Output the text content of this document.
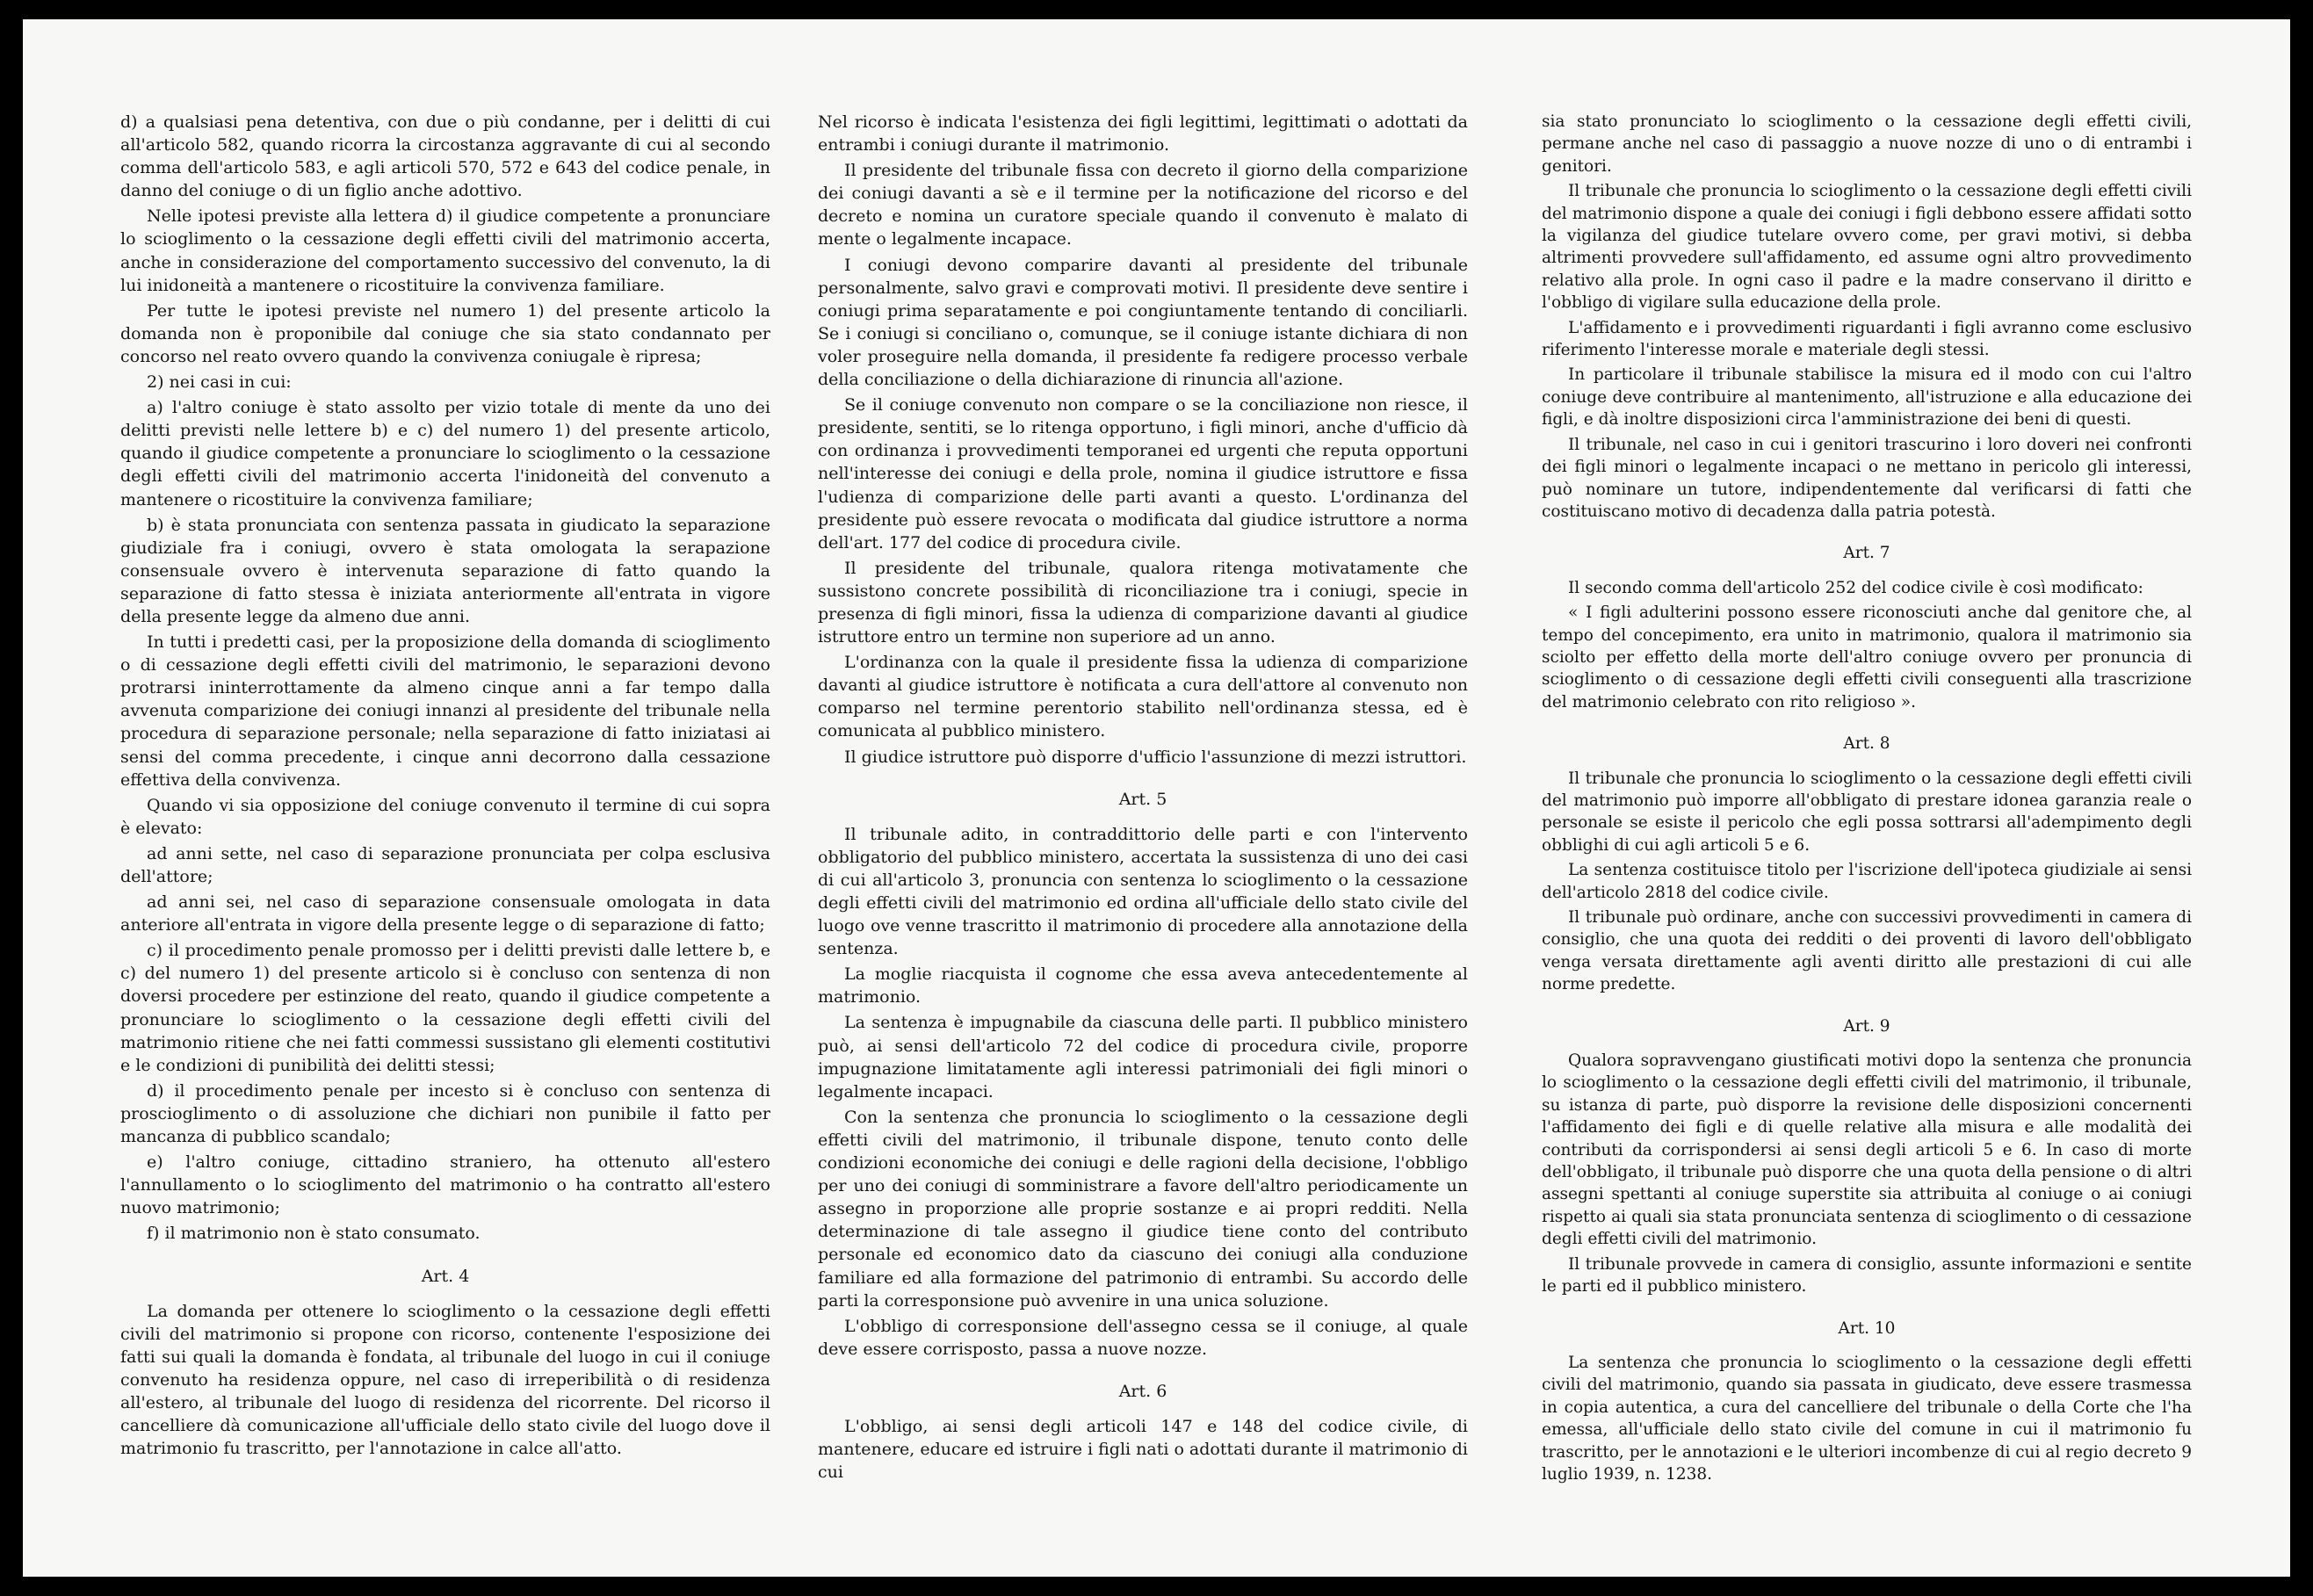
d) a qualsiasi pena detentiva, con due o più condanne, per i delitti di cui all'articolo 582, quando ricorra la circostanza aggravante di cui al secondo comma dell'articolo 583, e agli articoli 570, 572 e 643 del codice penale, in danno del coniuge o di un figlio anche adottivo.

Nelle ipotesi previste alla lettera d) il giudice competente a pronunciare lo scioglimento o la cessazione degli effetti civili del matrimonio accerta, anche in considerazione del comportamento successivo del convenuto, la di lui inidoneità a mantenere o ricostituire la convivenza familiare.

Per tutte le ipotesi previste nel numero 1) del presente articolo la domanda non è proponibile dal coniuge che sia stato condannato per concorso nel reato ovvero quando la convivenza coniugale è ripresa;

2) nei casi in cui:

a) l'altro coniuge è stato assolto per vizio totale di mente da uno dei delitti previsti nelle lettere b) e c) del numero 1) del presente articolo, quando il giudice competente a pronunciare lo scioglimento o la cessazione degli effetti civili del matrimonio accerta l'inidoneità del convenuto a mantenere o ricostituire la convivenza familiare;

b) è stata pronunciata con sentenza passata in giudicato la separazione giudiziale fra i coniugi, ovvero è stata omologata la serapazione consensuale ovvero è intervenuta separazione di fatto quando la separazione di fatto stessa è iniziata anteriormente all'entrata in vigore della presente legge da almeno due anni.

In tutti i predetti casi, per la proposizione della domanda di scioglimento o di cessazione degli effetti civili del matrimonio, le separazioni devono protrarsi ininterrottamente da almeno cinque anni a far tempo dalla avvenuta comparizione dei coniugi innanzi al presidente del tribunale nella procedura di separazione personale; nella separazione di fatto iniziatasi ai sensi del comma precedente, i cinque anni decorrono dalla cessazione effettiva della convivenza.

Quando vi sia opposizione del coniuge convenuto il termine di cui sopra è elevato:

ad anni sette, nel caso di separazione pronunciata per colpa esclusiva dell'attore;

ad anni sei, nel caso di separazione consensuale omologata in data anteriore all'entrata in vigore della presente legge o di separazione di fatto;

c) il procedimento penale promosso per i delitti previsti dalle lettere b, e c) del numero 1) del presente articolo si è concluso con sentenza di non doversi procedere per estinzione del reato, quando il giudice competente a pronunciare lo scioglimento o la cessazione degli effetti civili del matrimonio ritiene che nei fatti commessi sussistano gli elementi costitutivi e le condizioni di punibilità dei delitti stessi;

d) il procedimento penale per incesto si è concluso con sentenza di proscioglimento o di assoluzione che dichiari non punibile il fatto per mancanza di pubblico scandalo;

e) l'altro coniuge, cittadino straniero, ha ottenuto all'estero l'annullamento o lo scioglimento del matrimonio o ha contratto all'estero nuovo matrimonio;

f) il matrimonio non è stato consumato.

Art. 4

La domanda per ottenere lo scioglimento o la cessazione degli effetti civili del matrimonio si propone con ricorso, contenente l'esposizione dei fatti sui quali la domanda è fondata, al tribunale del luogo in cui il coniuge convenuto ha residenza oppure, nel caso di irreperibilità o di residenza all'estero, al tribunale del luogo di residenza del ricorrente. Del ricorso il cancelliere dà comunicazione all'ufficiale dello stato civile del luogo dove il matrimonio fu trascritto, per l'annotazione in calce all'atto.

Nel ricorso è indicata l'esistenza dei figli legittimi, legittimati o adottati da entrambi i coniugi durante il matrimonio.

Il presidente del tribunale fissa con decreto il giorno della comparizione dei coniugi davanti a sè e il termine per la notificazione del ricorso e del decreto e nomina un curatore speciale quando il convenuto è malato di mente o legalmente incapace.

I coniugi devono comparire davanti al presidente del tribunale personalmente, salvo gravi e comprovati motivi. Il presidente deve sentire i coniugi prima separatamente e poi congiuntamente tentando di conciliarli. Se i coniugi si conciliano o, comunque, se il coniuge istante dichiara di non voler proseguire nella domanda, il presidente fa redigere processo verbale della conciliazione o della dichiarazione di rinuncia all'azione.

Se il coniuge convenuto non compare o se la conciliazione non riesce, il presidente, sentiti, se lo ritenga opportuno, i figli minori, anche d'ufficio dà con ordinanza i provvedimenti temporanei ed urgenti che reputa opportuni nell'interesse dei coniugi e della prole, nomina il giudice istruttore e fissa l'udienza di comparizione delle parti avanti a questo. L'ordinanza del presidente può essere revocata o modificata dal giudice istruttore a norma dell'art. 177 del codice di procedura civile.

Il presidente del tribunale, qualora ritenga motivatamente che sussistono concrete possibilità di riconciliazione tra i coniugi, specie in presenza di figli minori, fissa la udienza di comparizione davanti al giudice istruttore entro un termine non superiore ad un anno.

L'ordinanza con la quale il presidente fissa la udienza di comparizione davanti al giudice istruttore è notificata a cura dell'attore al convenuto non comparso nel termine perentorio stabilito nell'ordinanza stessa, ed è comunicata al pubblico ministero.

Il giudice istruttore può disporre d'ufficio l'assunzione di mezzi istruttori.

Art. 5

Il tribunale adito, in contraddittorio delle parti e con l'intervento obbligatorio del pubblico ministero, accertata la sussistenza di uno dei casi di cui all'articolo 3, pronuncia con sentenza lo scioglimento o la cessazione degli effetti civili del matrimonio ed ordina all'ufficiale dello stato civile del luogo ove venne trascritto il matrimonio di procedere alla annotazione della sentenza.

La moglie riacquista il cognome che essa aveva antecedentemente al matrimonio.

La sentenza è impugnabile da ciascuna delle parti. Il pubblico ministero può, ai sensi dell'articolo 72 del codice di procedura civile, proporre impugnazione limitatamente agli interessi patrimoniali dei figli minori o legalmente incapaci.

Con la sentenza che pronuncia lo scioglimento o la cessazione degli effetti civili del matrimonio, il tribunale dispone, tenuto conto delle condizioni economiche dei coniugi e delle ragioni della decisione, l'obbligo per uno dei coniugi di somministrare a favore dell'altro periodicamente un assegno in proporzione alle proprie sostanze e ai propri redditi. Nella determinazione di tale assegno il giudice tiene conto del contributo personale ed economico dato da ciascuno dei coniugi alla conduzione familiare ed alla formazione del patrimonio di entrambi. Su accordo delle parti la corresponsione può avvenire in una unica soluzione.

L'obbligo di corresponsione dell'assegno cessa se il coniuge, al quale deve essere corrisposto, passa a nuove nozze.

Art. 6

L'obbligo, ai sensi degli articoli 147 e 148 del codice civile, di mantenere, educare ed istruire i figli nati o adottati durante il matrimonio di cui

sia stato pronunciato lo scioglimento o la cessazione degli effetti civili, permane anche nel caso di passaggio a nuove nozze di uno o di entrambi i genitori.

Il tribunale che pronuncia lo scioglimento o la cessazione degli effetti civili del matrimonio dispone a quale dei coniugi i figli debbono essere affidati sotto la vigilanza del giudice tutelare ovvero come, per gravi motivi, si debba altrimenti provvedere sull'affidamento, ed assume ogni altro provvedimento relativo alla prole. In ogni caso il padre e la madre conservano il diritto e l'obbligo di vigilare sulla educazione della prole.

L'affidamento e i provvedimenti riguardanti i figli avranno come esclusivo riferimento l'interesse morale e materiale degli stessi.

In particolare il tribunale stabilisce la misura ed il modo con cui l'altro coniuge deve contribuire al mantenimento, all'istruzione e alla educazione dei figli, e dà inoltre disposizioni circa l'amministrazione dei beni di questi.

Il tribunale, nel caso in cui i genitori trascurino i loro doveri nei confronti dei figli minori o legalmente incapaci o ne mettano in pericolo gli interessi, può nominare un tutore, indipendentemente dal verificarsi di fatti che costituiscano motivo di decadenza dalla patria potestà.

Art. 7

Il secondo comma dell'articolo 252 del codice civile è così modificato:

« I figli adulterini possono essere riconosciuti anche dal genitore che, al tempo del concepimento, era unito in matrimonio, qualora il matrimonio sia sciolto per effetto della morte dell'altro coniuge ovvero per pronuncia di scioglimento o di cessazione degli effetti civili conseguenti alla trascrizione del matrimonio celebrato con rito religioso ».

Art. 8

Il tribunale che pronuncia lo scioglimento o la cessazione degli effetti civili del matrimonio può imporre all'obbligato di prestare idonea garanzia reale o personale se esiste il pericolo che egli possa sottrarsi all'adempimento degli obblighi di cui agli articoli 5 e 6.

La sentenza costituisce titolo per l'iscrizione dell'ipoteca giudiziale ai sensi dell'articolo 2818 del codice civile.

Il tribunale può ordinare, anche con successivi provvedimenti in camera di consiglio, che una quota dei redditi o dei proventi di lavoro dell'obbligato venga versata direttamente agli aventi diritto alle prestazioni di cui alle norme predette.

Art. 9

Qualora sopravvengano giustificati motivi dopo la sentenza che pronuncia lo scioglimento o la cessazione degli effetti civili del matrimonio, il tribunale, su istanza di parte, può disporre la revisione delle disposizioni concernenti l'affidamento dei figli e di quelle relative alla misura e alle modalità dei contributi da corrispondersi ai sensi degli articoli 5 e 6. In caso di morte dell'obbligato, il tribunale può disporre che una quota della pensione o di altri assegni spettanti al coniuge superstite sia attribuita al coniuge o ai coniugi rispetto ai quali sia stata pronunciata sentenza di scioglimento o di cessazione degli effetti civili del matrimonio.

Il tribunale provvede in camera di consiglio, assunte informazioni e sentite le parti ed il pubblico ministero.

Art. 10

La sentenza che pronuncia lo scioglimento o la cessazione degli effetti civili del matrimonio, quando sia passata in giudicato, deve essere trasmessa in copia autentica, a cura del cancelliere del tribunale o della Corte che l'ha emessa, all'ufficiale dello stato civile del comune in cui il matrimonio fu trascritto, per le annotazioni e le ulteriori incombenze di cui al regio decreto 9 luglio 1939, n. 1238.
